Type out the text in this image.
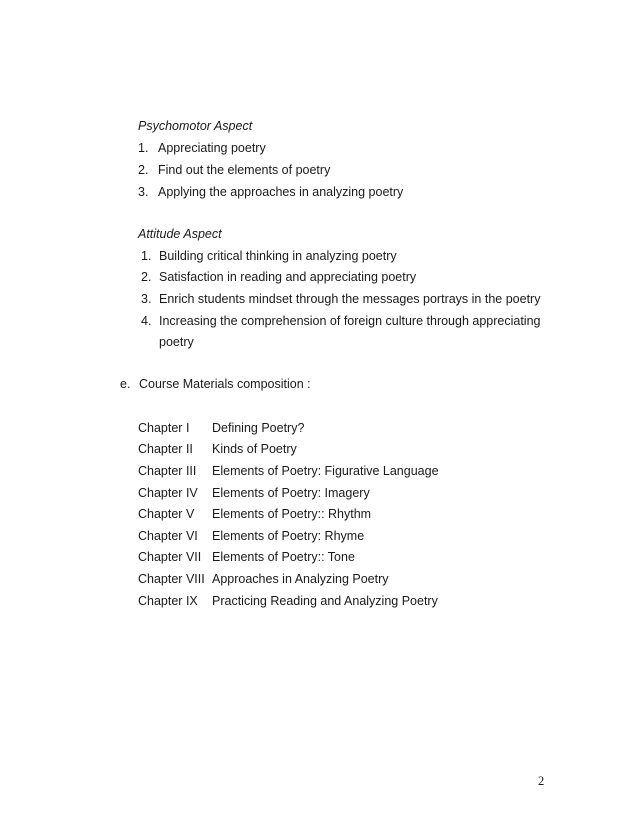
Psychomotor Aspect
1. Appreciating poetry
2. Find out the elements of poetry
3. Applying the approaches in analyzing poetry
Attitude Aspect
1. Building critical thinking in analyzing poetry
2. Satisfaction in reading and appreciating poetry
3. Enrich students mindset through the messages portrays in the poetry
4. Increasing the comprehension of foreign culture through appreciating
poetry
e. Course Materials composition :
Chapter I Defining Poetry?
Chapter II Kinds of Poetry
Chapter III Elements of Poetry: Figurative Language
Chapter IV Elements of Poetry: Imagery
Chapter V Elements of Poetry:: Rhythm
Chapter VI Elements of Poetry: Rhyme
Chapter VII Elements of Poetry:: Tone
Chapter VIII Approaches in Analyzing Poetry
Chapter IX Practicing Reading and Analyzing Poetry
2
